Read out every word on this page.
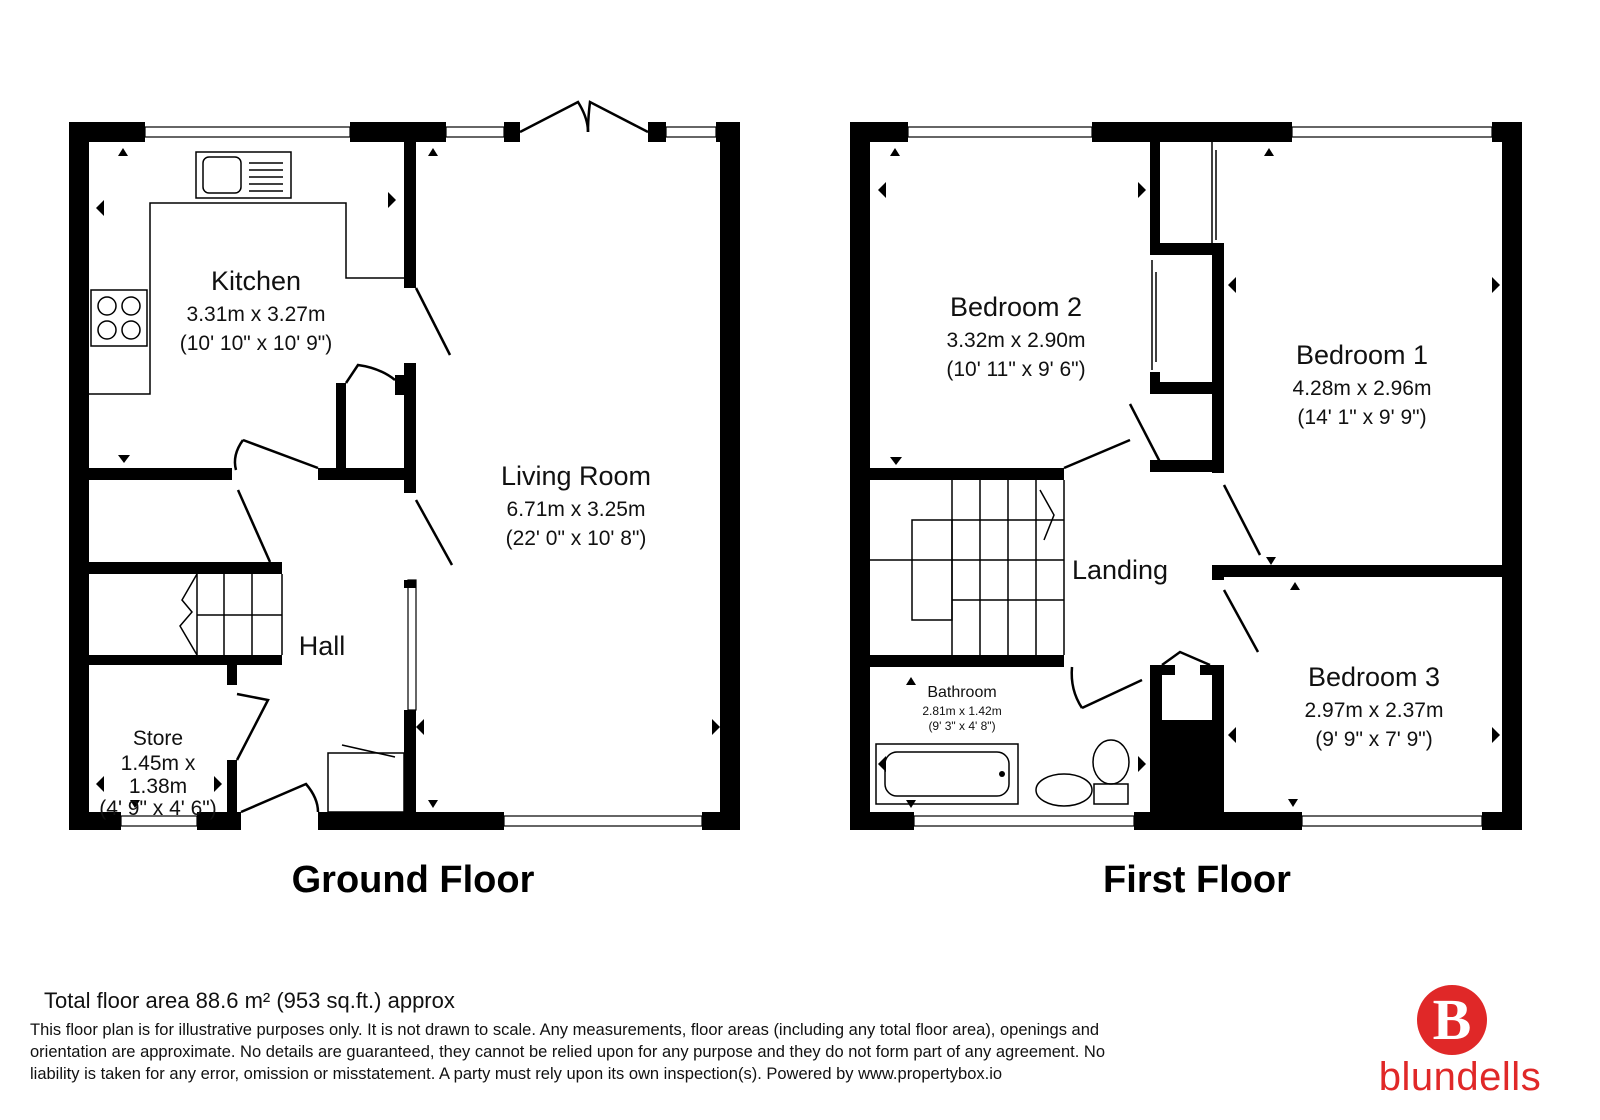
Kitchen
3.31m x 3.27m
(10' 10" x 10' 9")
Living Room
6.71m x 3.25m
(22' 0" x 10' 8")
Hall
Store
1.45m x
1.38m
(4' 9" x 4' 6")
Bedroom 2
3.32m x 2.90m
(10' 11" x 9' 6")	Bedroom 1
4.28m x 2.96m
(14' 1" x 9' 9")
Landing
Bathroom
2.81m x 1.42m
(9' 3" x 4' 8")
Bedroom 3
2.97m x 2.37m
(9' 9" x 7' 9")
Ground Floor	First Floor
Total floor area 88.6 m² (953 sq.ft.) approx
This floor plan is for illustrative purposes only. It is not drawn to scale. Any measurements, floor areas (including any total floor area), openings and
orientation are approximate. No details are guaranteed, they cannot be relied upon for any purpose and they do not form part of any agreement. No
liability is taken for any error, omission or misstatement. A party must rely upon its own inspection(s). Powered by www.propertybox.io
B
blundells
